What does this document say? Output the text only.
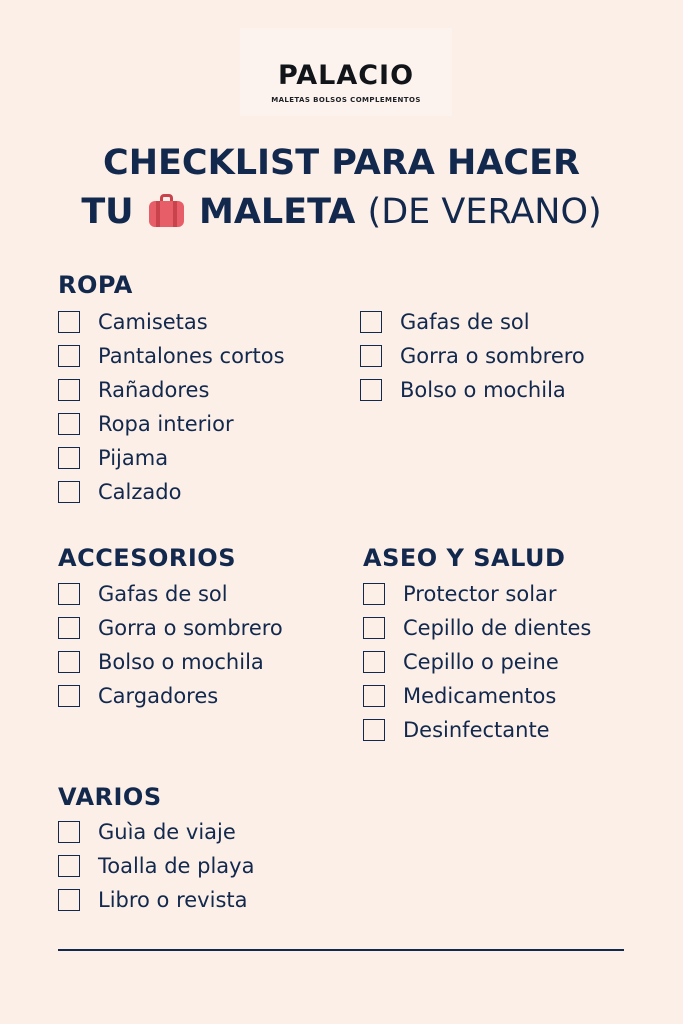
PALACIO
MALETAS BOLSOS COMPLEMENTOS
CHECKLIST PARA HACER
TU MALETA (DE VERANO)
ROPA
Camisetas
Pantalones cortos
Rañadores
Ropa interior
Pijama
Calzado
Gafas de sol
Gorra o sombrero
Bolso o mochila
ACCESORIOS
Gafas de sol
Gorra o sombrero
Bolso o mochila
Cargadores
ASEO Y SALUD
Protector solar
Cepillo de dientes
Cepillo o peine
Medicamentos
Desinfectante
VARIOS
Guìa de viaje
Toalla de playa
Libro o revista
